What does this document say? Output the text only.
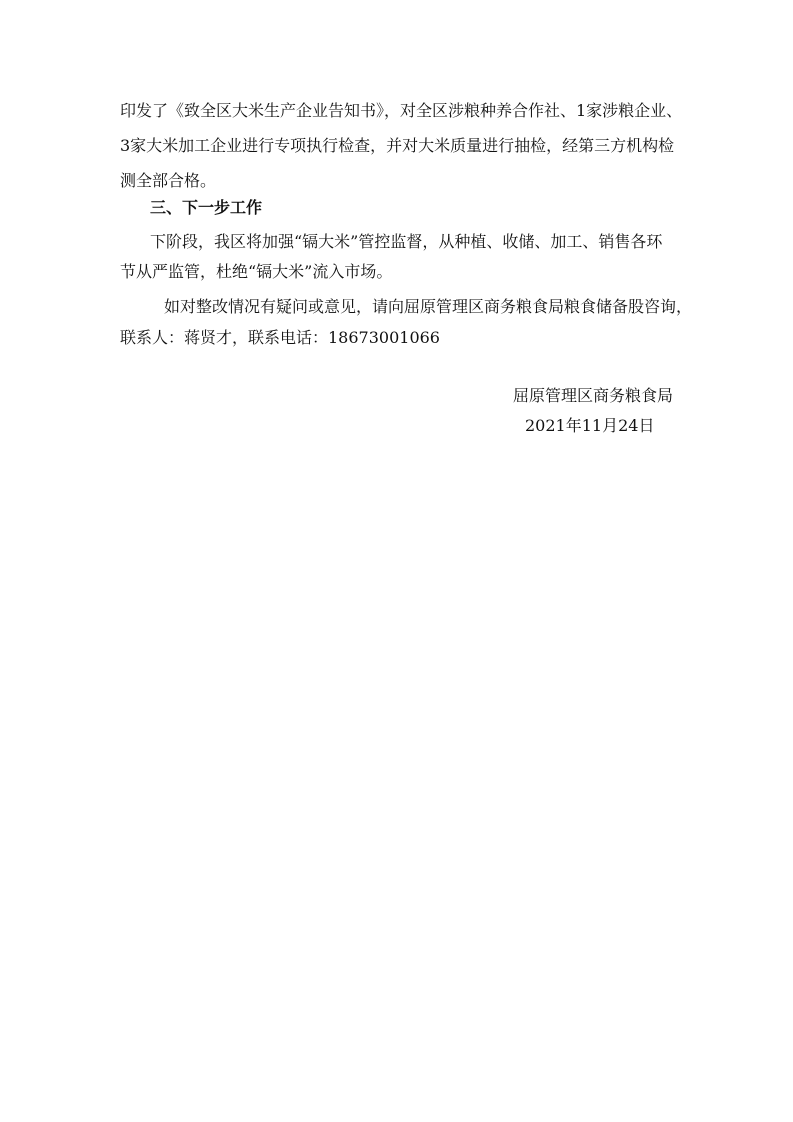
印发了《致全区大米生产企业告知书》，对全区涉粮种养合作社、1家涉粮企业、
3家大米加工企业进行专项执行检查，并对大米质量进行抽检，经第三方机构检
测全部合格。
三、下一步工作
下阶段，我区将加强“镉大米”管控监督，从种植、收储、加工、销售各环
节从严监管，杜绝“镉大米”流入市场。
如对整改情况有疑问或意见，请向屈原管理区商务粮食局粮食储备股咨询，
联系人：蒋贤才，联系电话：18673001066
屈原管理区商务粮食局
2021年11月24日
